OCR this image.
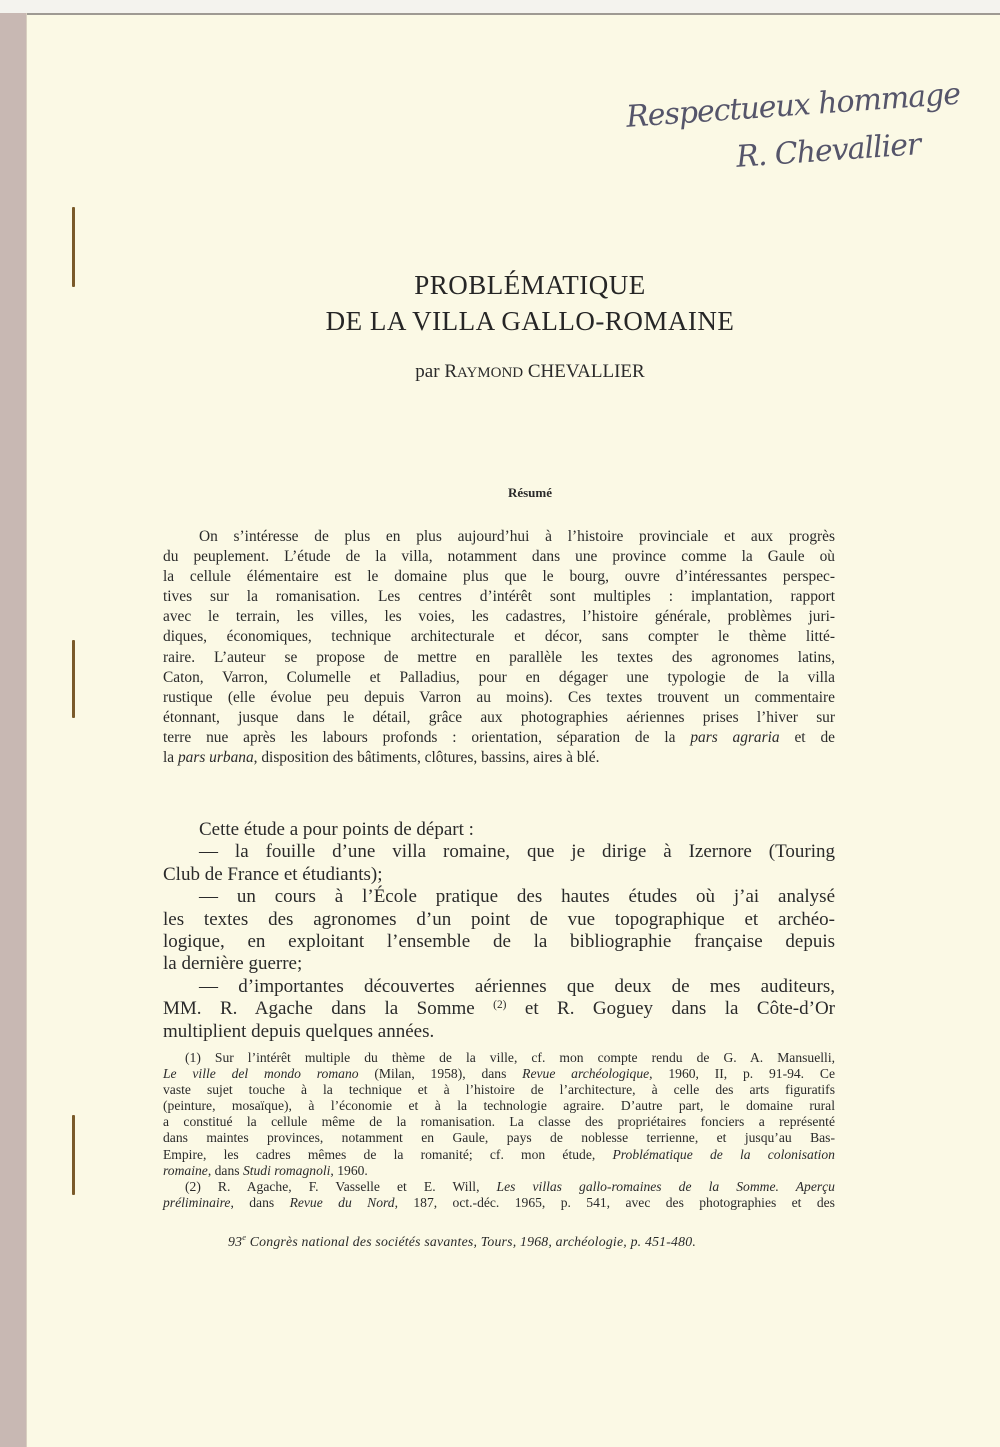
Respectueux hommage
R. Chevallier
PROBLÉMATIQUE
DE LA VILLA GALLO-ROMAINE
par RAYMOND CHEVALLIER
Résumé
On s’intéresse de plus en plus aujourd’hui à l’histoire provinciale et aux progrès
du peuplement. L’étude de la villa, notamment dans une province comme la Gaule où
la cellule élémentaire est le domaine plus que le bourg, ouvre d’intéressantes perspec-
tives sur la romanisation. Les centres d’intérêt sont multiples : implantation, rapport
avec le terrain, les villes, les voies, les cadastres, l’histoire générale, problèmes juri-
diques, économiques, technique architecturale et décor, sans compter le thème litté-
raire. L’auteur se propose de mettre en parallèle les textes des agronomes latins,
Caton, Varron, Columelle et Palladius, pour en dégager une typologie de la villa
rustique (elle évolue peu depuis Varron au moins). Ces textes trouvent un commentaire
étonnant, jusque dans le détail, grâce aux photographies aériennes prises l’hiver sur
terre nue après les labours profonds : orientation, séparation de la pars agraria et de
la pars urbana, disposition des bâtiments, clôtures, bassins, aires à blé.
Cette étude a pour points de départ :
— la fouille d’une villa romaine, que je dirige à Izernore (Touring
Club de France et étudiants);
— un cours à l’École pratique des hautes études où j’ai analysé
les textes des agronomes d’un point de vue topographique et archéo-
logique, en exploitant l’ensemble de la bibliographie française depuis
la dernière guerre;
— d’importantes découvertes aériennes que deux de mes auditeurs,
MM. R. Agache dans la Somme $^{(2)}$ et R. Goguey dans la Côte-d’Or
multiplient depuis quelques années.
(1) Sur l’intérêt multiple du thème de la ville, cf. mon compte rendu de G. A. Mansuelli,
Le ville del mondo romano (Milan, 1958), dans Revue archéologique, 1960, II, p. 91-94. Ce
vaste sujet touche à la technique et à l’histoire de l’architecture, à celle des arts figuratifs
(peinture, mosaïque), à l’économie et à la technologie agraire. D’autre part, le domaine rural
a constitué la cellule même de la romanisation. La classe des propriétaires fonciers a représenté
dans maintes provinces, notamment en Gaule, pays de noblesse terrienne, et jusqu’au Bas-
Empire, les cadres mêmes de la romanité; cf. mon étude, Problématique de la colonisation
romaine, dans Studi romagnoli, 1960.
(2) R. Agache, F. Vasselle et E. Will, Les villas gallo-romaines de la Somme. Aperçu
préliminaire, dans Revue du Nord, 187, oct.-déc. 1965, p. 541, avec des photographies et des
93e Congrès national des sociétés savantes, Tours, 1968, archéologie, p. 451-480.
